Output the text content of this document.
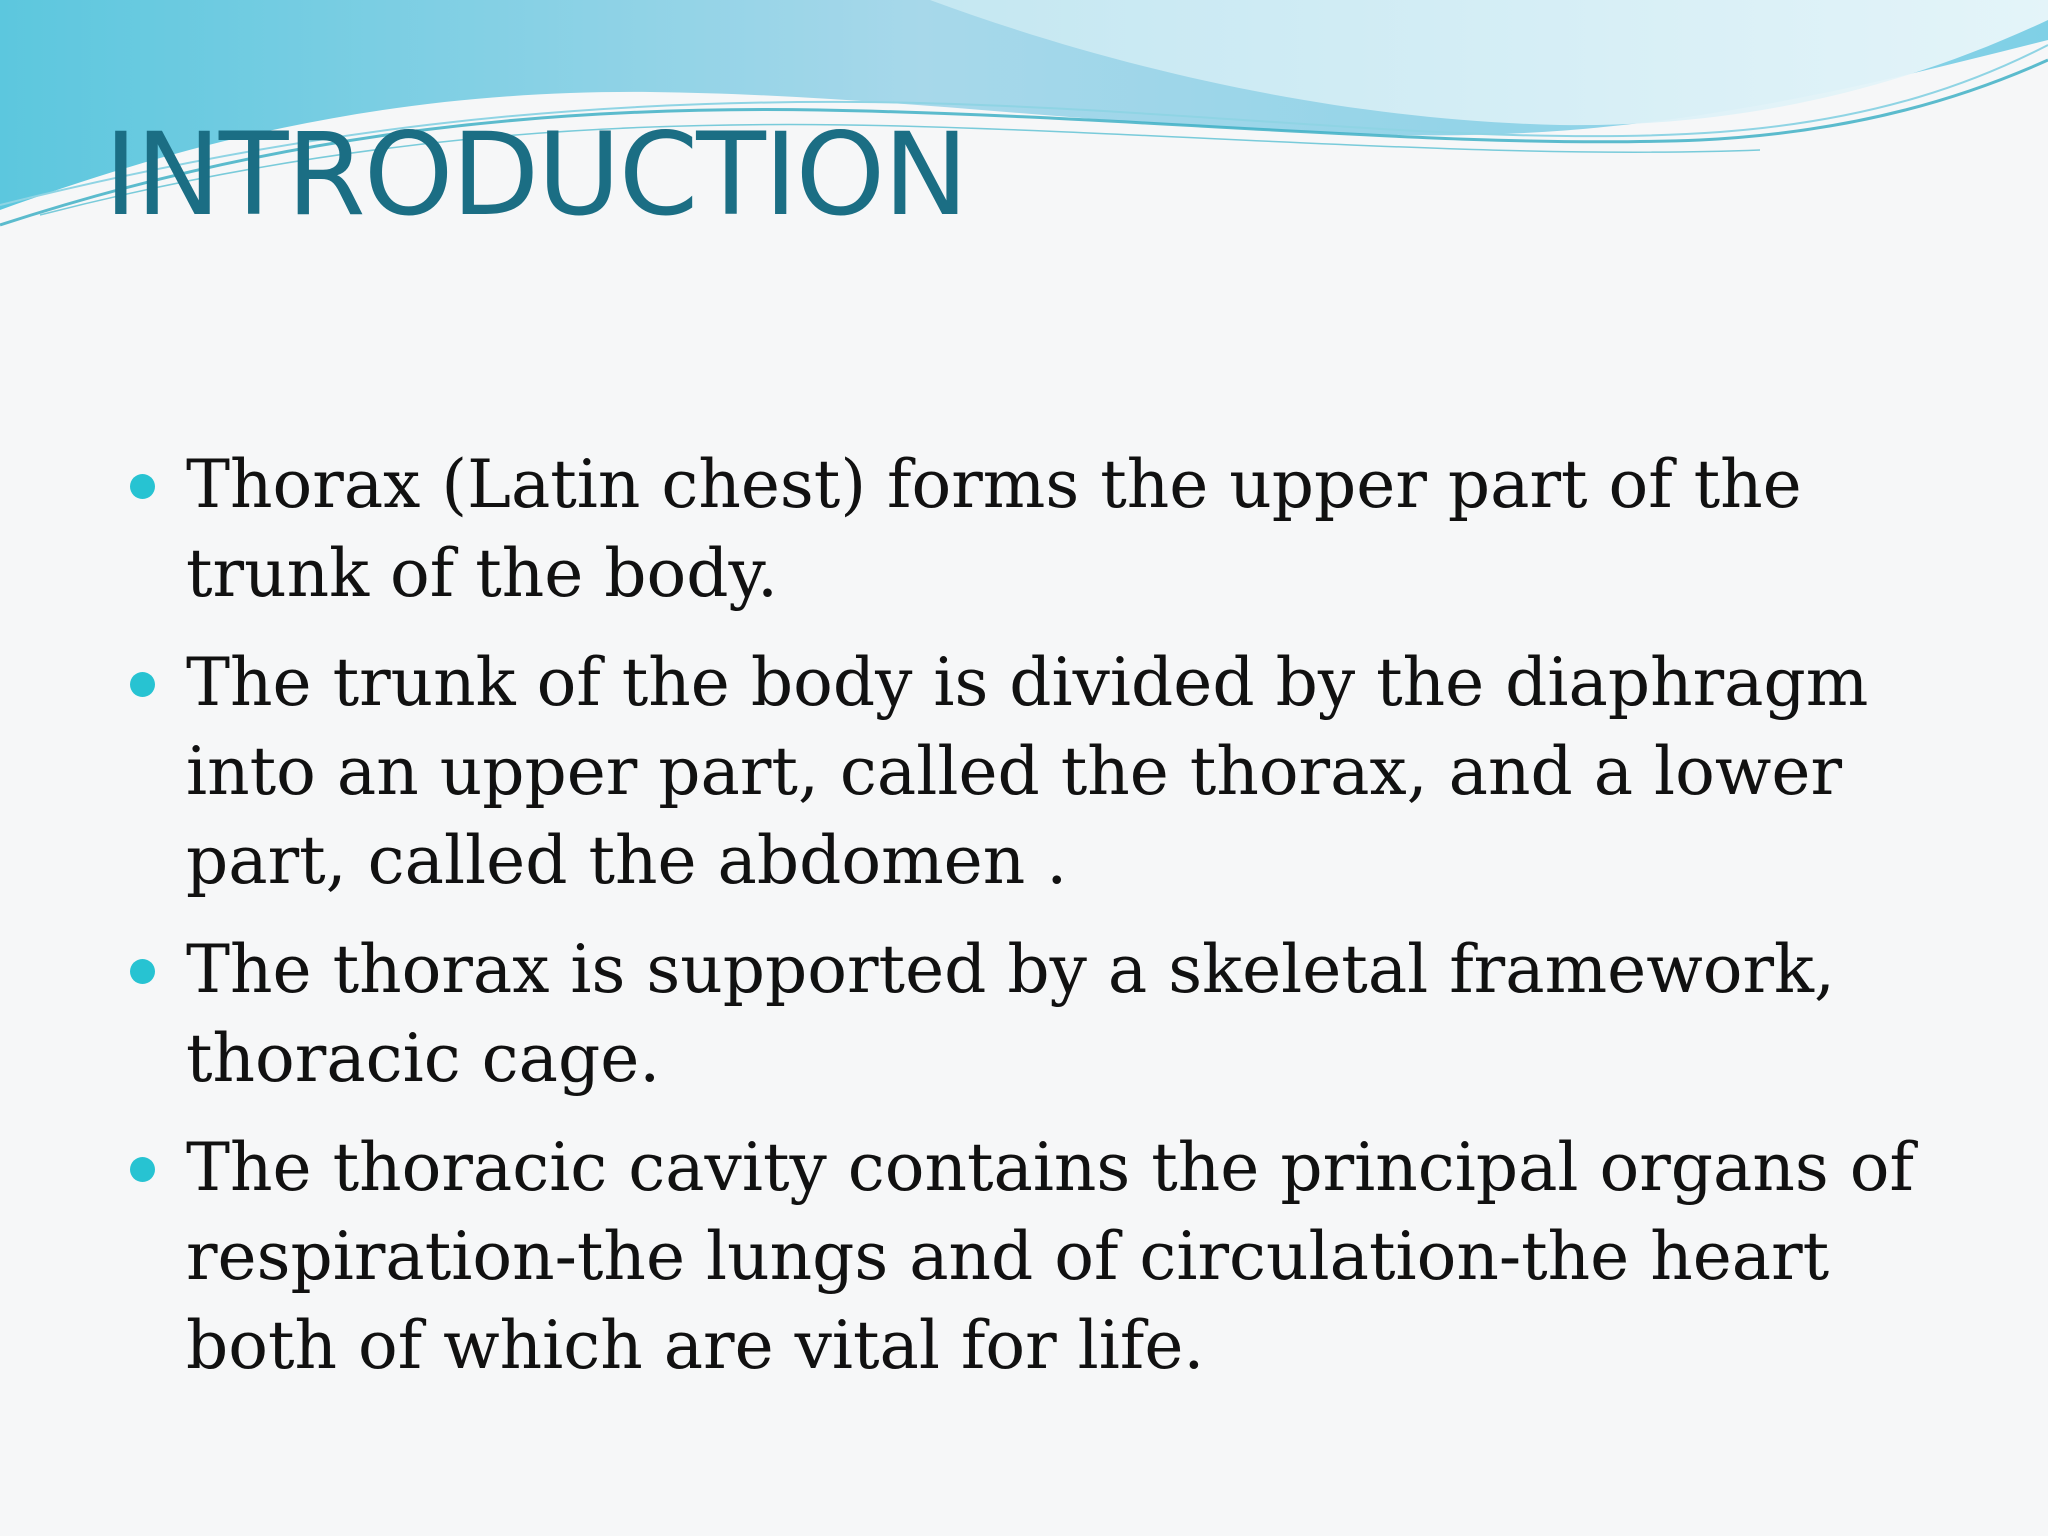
INTRODUCTION
Thorax (Latin chest) forms the upper part of the trunk of the body.
The trunk of the body is divided by the diaphragm into an upper part, called the thorax, and a lower part, called the abdomen .
The thorax is supported by a skeletal framework, thoracic cage.
The thoracic cavity contains the principal organs of respiration-the lungs and of circulation-the heart both of which are vital for life.
